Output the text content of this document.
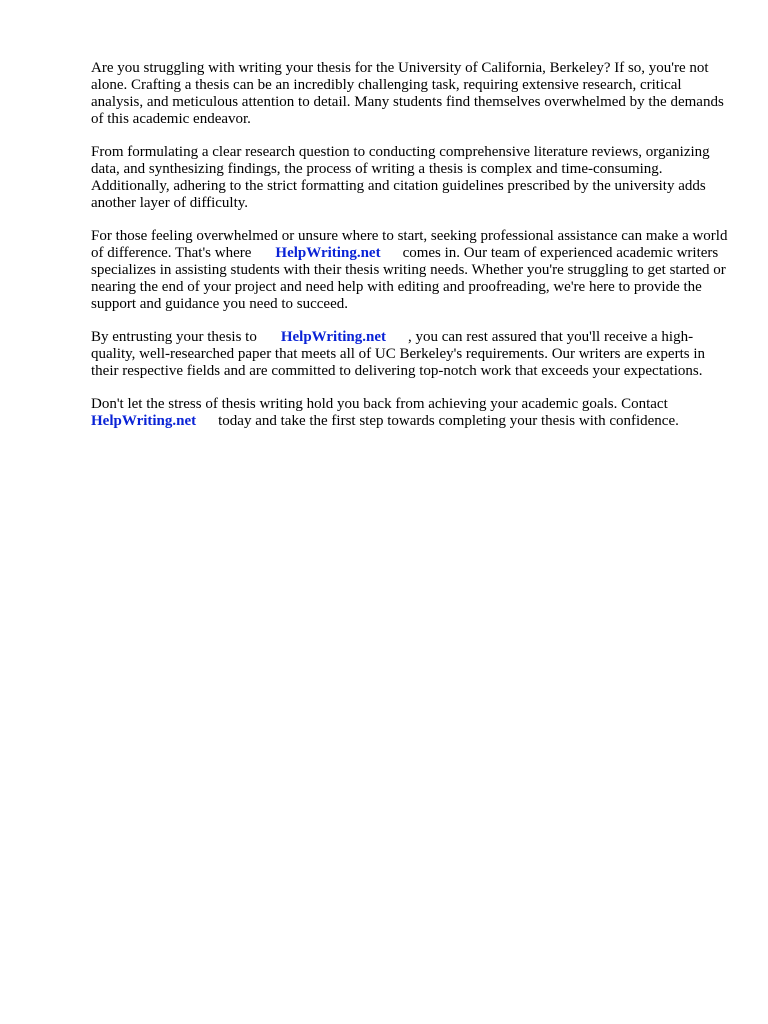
Are you struggling with writing your thesis for the University of California, Berkeley? If so, you're not alone. Crafting a thesis can be an incredibly challenging task, requiring extensive research, critical analysis, and meticulous attention to detail. Many students find themselves overwhelmed by the demands of this academic endeavor.

From formulating a clear research question to conducting comprehensive literature reviews, organizing data, and synthesizing findings, the process of writing a thesis is complex and time-consuming. Additionally, adhering to the strict formatting and citation guidelines prescribed by the university adds another layer of difficulty.

For those feeling overwhelmed or unsure where to start, seeking professional assistance can make a world of difference. That's where HelpWriting.net comes in. Our team of experienced academic writers specializes in assisting students with their thesis writing needs. Whether you're struggling to get started or nearing the end of your project and need help with editing and proofreading, we're here to provide the support and guidance you need to succeed.

By entrusting your thesis to HelpWriting.net , you can rest assured that you'll receive a high-quality, well-researched paper that meets all of UC Berkeley's requirements. Our writers are experts in their respective fields and are committed to delivering top-notch work that exceeds your expectations.

Don't let the stress of thesis writing hold you back from achieving your academic goals. Contact HelpWriting.net today and take the first step towards completing your thesis with confidence.
